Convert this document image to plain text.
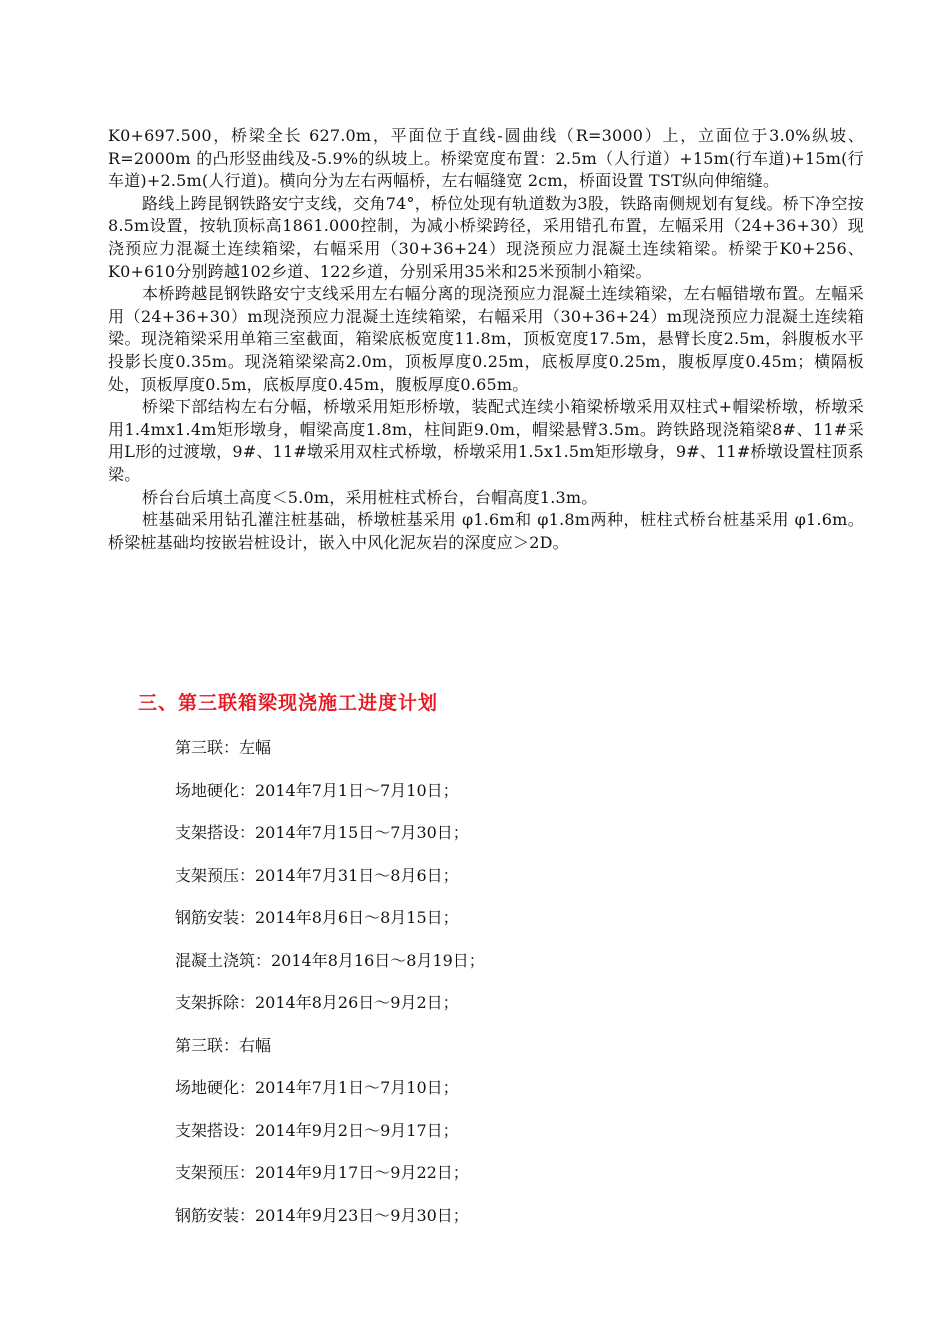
K0+697.500，桥梁全长 627.0m，平面位于直线-圆曲线（R=3000）上，立面位于3.0%纵坡、R=2000m 的凸形竖曲线及-5.9%的纵坡上。桥梁宽度布置：2.5m（人行道）+15m(行车道)+15m(行车道)+2.5m(人行道)。横向分为左右两幅桥，左右幅缝宽 2cm，桥面设置 TST纵向伸缩缝。

路线上跨昆钢铁路安宁支线，交角74°，桥位处现有轨道数为3股，铁路南侧规划有复线。桥下净空按8.5m设置，按轨顶标高1861.000控制，为减小桥梁跨径，采用错孔布置，左幅采用（24+36+30）现浇预应力混凝土连续箱梁，右幅采用（30+36+24）现浇预应力混凝土连续箱梁。桥梁于K0+256、K0+610分别跨越102乡道、122乡道，分别采用35米和25米预制小箱梁。

本桥跨越昆钢铁路安宁支线采用左右幅分离的现浇预应力混凝土连续箱梁，左右幅错墩布置。左幅采用（24+36+30）m现浇预应力混凝土连续箱梁，右幅采用（30+36+24）m现浇预应力混凝土连续箱梁。现浇箱梁采用单箱三室截面，箱梁底板宽度11.8m，顶板宽度17.5m，悬臂长度2.5m，斜腹板水平投影长度0.35m。现浇箱梁梁高2.0m，顶板厚度0.25m，底板厚度0.25m，腹板厚度0.45m；横隔板处，顶板厚度0.5m，底板厚度0.45m，腹板厚度0.65m。

桥梁下部结构左右分幅，桥墩采用矩形桥墩，装配式连续小箱梁桥墩采用双柱式+帽梁桥墩，桥墩采用1.4mx1.4m矩形墩身，帽梁高度1.8m，柱间距9.0m，帽梁悬臂3.5m。跨铁路现浇箱梁8#、11#采用L形的过渡墩，9#、11#墩采用双柱式桥墩，桥墩采用1.5x1.5m矩形墩身，9#、11#桥墩设置柱顶系梁。

桥台台后填土高度＜5.0m，采用桩柱式桥台，台帽高度1.3m。

桩基础采用钻孔灌注桩基础，桥墩桩基采用 φ1.6m和 φ1.8m两种，桩柱式桥台桩基采用 φ1.6m。桥梁桩基础均按嵌岩桩设计，嵌入中风化泥灰岩的深度应＞2D。

三、第三联箱梁现浇施工进度计划
第三联：左幅
场地硬化：2014年7月1日～7月10日；
支架搭设：2014年7月15日～7月30日；
支架预压：2014年7月31日～8月6日；
钢筋安装：2014年8月6日～8月15日；
混凝土浇筑：2014年8月16日～8月19日；
支架拆除：2014年8月26日～9月2日；
第三联：右幅
场地硬化：2014年7月1日～7月10日；
支架搭设：2014年9月2日～9月17日；
支架预压：2014年9月17日～9月22日；
钢筋安装：2014年9月23日～9月30日；
